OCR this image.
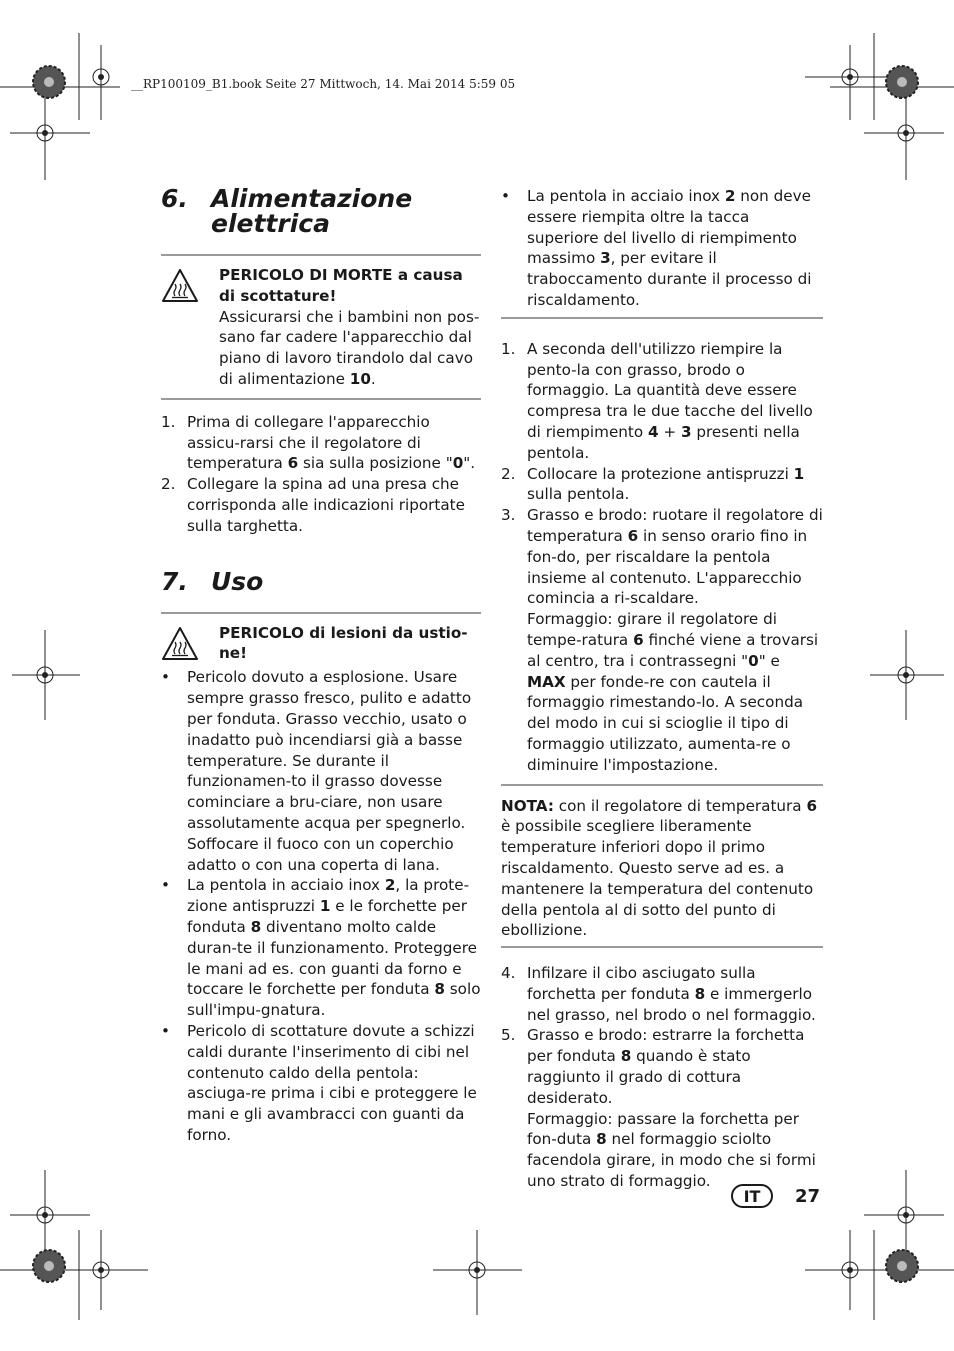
__RP100109_B1.book Seite 27 Mittwoch, 14. Mai 2014 5:59 05
6. Alimentazione
elettrica
PERICOLO DI MORTE a causa di scottature!
Assicurarsi che i bambini non pos-sano far cadere l'apparecchio dal piano di lavoro tirandolo dal cavo di alimentazione 10.
1. Prima di collegare l'apparecchio assicu-rarsi che il regolatore di temperatura 6 sia sulla posizione "0".
2. Collegare la spina ad una presa che corrisponda alle indicazioni riportate sulla targhetta.
7. Uso
PERICOLO di lesioni da ustio-ne!
•	Pericolo dovuto a esplosione. Usare sempre grasso fresco, pulito e adatto per fonduta. Grasso vecchio, usato o inadatto può incendiarsi già a basse temperature. Se durante il funzionamen-to il grasso dovesse cominciare a bru-ciare, non usare assolutamente acqua per spegnerlo. Soffocare il fuoco con un coperchio adatto o con una coperta di lana.
•	La pentola in acciaio inox 2, la prote-zione antispruzzi 1 e le forchette per fonduta 8 diventano molto calde duran-te il funzionamento. Proteggere le mani ad es. con guanti da forno e toccare le forchette per fonduta 8 solo sull'impu-gnatura.
•	Pericolo di scottature dovute a schizzi caldi durante l'inserimento di cibi nel contenuto caldo della pentola: asciuga-re prima i cibi e proteggere le mani e gli avambracci con guanti da forno.
•	La pentola in acciaio inox 2 non deve essere riempita oltre la tacca superiore del livello di riempimento massimo 3, per evitare il traboccamento durante il processo di riscaldamento.
1. A seconda dell'utilizzo riempire la pento-la con grasso, brodo o formaggio. La quantità deve essere compresa tra le due tacche del livello di riempimento 4 + 3 presenti nella pentola.
2. Collocare la protezione antispruzzi 1 sulla pentola.
3. Grasso e brodo: ruotare il regolatore di temperatura 6 in senso orario fino in fon-do, per riscaldare la pentola insieme al contenuto. L'apparecchio comincia a ri-scaldare.
Formaggio: girare il regolatore di tempe-ratura 6 finché viene a trovarsi al centro, tra i contrassegni "0" e MAX per fonde-re con cautela il formaggio rimestando-lo. A seconda del modo in cui si scioglie il tipo di formaggio utilizzato, aumenta-re o diminuire l'impostazione.
NOTA: con il regolatore di temperatura 6 è possibile scegliere liberamente temperature inferiori dopo il primo riscaldamento. Questo serve ad es. a mantenere la temperatura del contenuto della pentola al di sotto del punto di ebollizione.
4. Infilzare il cibo asciugato sulla forchetta per fonduta 8 e immergerlo nel grasso, nel brodo o nel formaggio.
5. Grasso e brodo: estrarre la forchetta per fonduta 8 quando è stato raggiunto il grado di cottura desiderato.
Formaggio: passare la forchetta per fon-duta 8 nel formaggio sciolto facendola girare, in modo che si formi uno strato di formaggio.
IT	27
